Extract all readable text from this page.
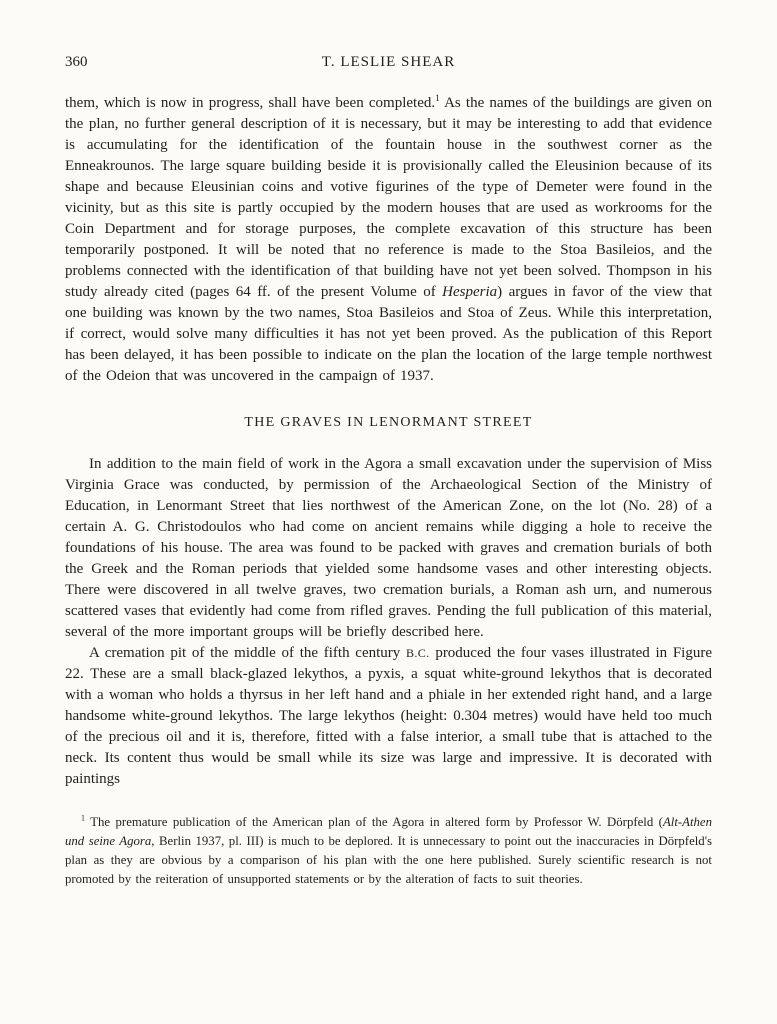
360	T. LESLIE SHEAR

them, which is now in progress, shall have been completed.$^1$ As the names of the buildings are given on the plan, no further general description of it is necessary, but it may be interesting to add that evidence is accumulating for the identification of the fountain house in the southwest corner as the Enneakrounos. The large square building beside it is provisionally called the Eleusinion because of its shape and because Eleusinian coins and votive figurines of the type of Demeter were found in the vicinity, but as this site is partly occupied by the modern houses that are used as workrooms for the Coin Department and for storage purposes, the complete excavation of this structure has been temporarily postponed. It will be noted that no reference is made to the Stoa Basileios, and the problems connected with the identification of that building have not yet been solved. Thompson in his study already cited (pages 64 ff. of the present Volume of Hesperia) argues in favor of the view that one building was known by the two names, Stoa Basileios and Stoa of Zeus. While this interpretation, if correct, would solve many difficulties it has not yet been proved. As the publication of this Report has been delayed, it has been possible to indicate on the plan the location of the large temple northwest of the Odeion that was uncovered in the campaign of 1937.

THE GRAVES IN LENORMANT STREET

In addition to the main field of work in the Agora a small excavation under the supervision of Miss Virginia Grace was conducted, by permission of the Archaeological Section of the Ministry of Education, in Lenormant Street that lies northwest of the American Zone, on the lot (No. 28) of a certain A. G. Christodoulos who had come on ancient remains while digging a hole to receive the foundations of his house. The area was found to be packed with graves and cremation burials of both the Greek and the Roman periods that yielded some handsome vases and other interesting objects. There were discovered in all twelve graves, two cremation burials, a Roman ash urn, and numerous scattered vases that evidently had come from rifled graves. Pending the full publication of this material, several of the more important groups will be briefly described here.

A cremation pit of the middle of the fifth century B.C. produced the four vases illustrated in Figure 22. These are a small black-glazed lekythos, a pyxis, a squat white-ground lekythos that is decorated with a woman who holds a thyrsus in her left hand and a phiale in her extended right hand, and a large handsome white-ground lekythos. The large lekythos (height: 0.304 metres) would have held too much of the precious oil and it is, therefore, fitted with a false interior, a small tube that is attached to the neck. Its content thus would be small while its size was large and impressive. It is decorated with paintings

$^1$ The premature publication of the American plan of the Agora in altered form by Professor W. Dörpfeld (Alt-Athen und seine Agora, Berlin 1937, pl. III) is much to be deplored. It is unnecessary to point out the inaccuracies in Dörpfeld's plan as they are obvious by a comparison of his plan with the one here published. Surely scientific research is not promoted by the reiteration of unsupported statements or by the alteration of facts to suit theories.
